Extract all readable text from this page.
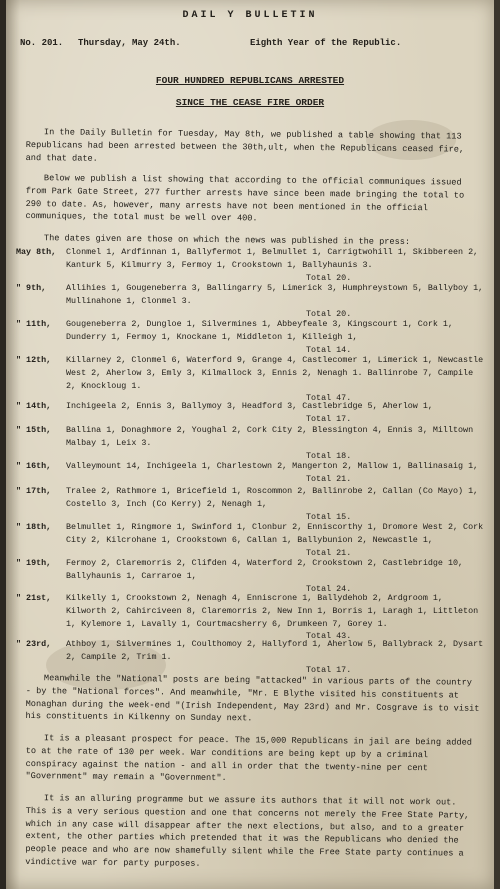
DAIL Y BULLETIN
No. 201. Thursday, May 24th.	Eighth Year of the Republic.
FOUR HUNDRED REPUBLICANS ARRESTED
SINCE THE CEASE FIRE ORDER
In the Daily Bulletin for Tuesday, May 8th, we published a table showing that 113 Republicans had been arrested between the 30th,ult, when the Republicans ceased fire, and that date.
Below we publish a list showing that according to the official communiques issued from Park Gate Street, 277 further arrests have since been made bringing the total to 290 to date. As, however, many arrests have not been mentioned in the official communiques, the total must be well over 400.
The dates given are those on which the news was published in the press:
May 8th,	Clonmel 1, Ardfinnan 1, Ballyfermot 1, Belmullet 1, Carrigtwohill 1, Skibbereen 2, Kanturk 5, Kilmurry 3, Fermoy 1, Crookstown 1, Ballyhaunis 3.
Total 20.
" 9th,	Allihies 1, Gougeneberra 3, Ballingarry 5, Limerick 3, Humphreystown 5, Ballyboy 1, Mullinahone 1, Clonmel 3.
Total 20.
" 11th,	Gougeneberra 2, Dungloe 1, Silvermines 1, Abbeyfeale 3, Kingscourt 1, Cork 1, Dunderry 1, Fermoy 1, Knockane 1, Middleton 1, Killeigh 1,
Total 14.
" 12th,	Killarney 2, Clonmel 6, Waterford 9, Grange 4, Castlecomer 1, Limerick 1, Newcastle West 2, Aherlow 3, Emly 3, Kilmallock 3, Ennis 2, Nenagh 1. Ballinrobe 7, Campile 2, Knockloug 1.
Total 47.
" 14th,	Inchigeela 2, Ennis 3, Ballymoy 3, Headford 3, Castlebridge 5, Aherlow 1,
Total 17.
" 15th,	Ballina 1, Donaghmore 2, Youghal 2, Cork City 2, Blessington 4, Ennis 3, Milltown Malbay 1, Leix 3.
Total 18.
" 16th,	Valleymount 14, Inchigeela 1, Charlestown 2, Mangerton 2, Mallow 1, Ballinasaig 1,
Total 21.
" 17th,	Tralee 2, Rathmore 1, Bricefield 1, Roscommon 2, Ballinrobe 2, Callan (Co Mayo) 1, Costello 3, Inch (Co Kerry) 2, Nenagh 1,
Total 15.
" 18th,	Belmullet 1, Ringmore 1, Swinford 1, Clonbur 2, Enniscorthy 1, Dromore West 2, Cork City 2, Kilcrohane 1, Crookstown 6, Callan 1, Ballybunion 2, Newcastle 1,
Total 21.
" 19th,	Fermoy 2, Claremorris 2, Clifden 4, Waterford 2, Crookstown 2, Castlebridge 10, Ballyhaunis 1, Carraroe 1,
Total 24.
" 21st,	Kilkelly 1, Crookstown 2, Nenagh 4, Enniscrone 1, Ballydehob 2, Ardgroom 1, Kilworth 2, Cahirciveen 8, Claremorris 2, New Inn 1, Borris 1, Laragh 1, Littleton 1, Kylemore 1, Lavally 1, Courtmacsherry 6, Drumkeen 7, Gorey 1.
Total 43.
" 23rd,	Athboy 1, Silvermines 1, Coulthomoy 2, Hallyford 1, Aherlow 5, Ballybrack 2, Dysart 2, Campile 2, Trim 1.
Total 17.
Meanwhile the "National" posts are being "attacked" in various parts of the country - by the "National forces". And meanwhile, "Mr. E Blythe visited his constituents at Monaghan during the week-end "(Irish Independent, May 23rd) and Mr. Cosgrave is to visit his constituents in Kilkenny on Sunday next.
It is a pleasant prospect for peace. The 15,000 Republicans in jail are being added to at the rate of 130 per week. War conditions are being kept up by a criminal conspiracy against the nation - and all in order that the twenty-nine per cent "Government" may remain a "Government".
It is an alluring programme but we assure its authors that it will not work out. This is a very serious question and one that concerns not merely the Free State Party, which in any case will disappear after the next elections, but also, and to a greater extent, the other parties which pretended that it was the Republicans who denied the people peace and who are now shamefully silent while the Free State party continues a vindictive war for party purposes.
